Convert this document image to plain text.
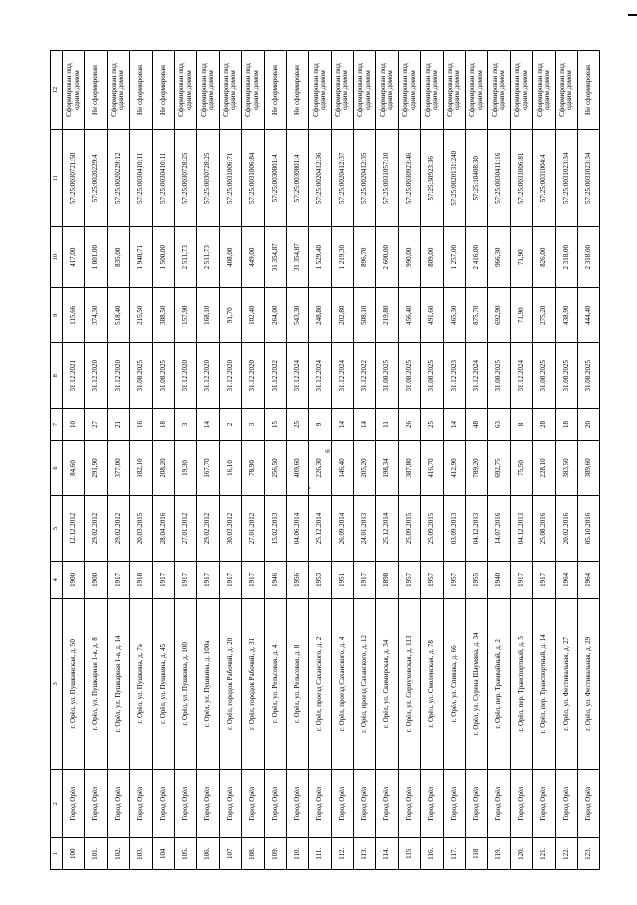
6
1	2	3	4	5	6	7	8	9	10	11	12
100	Город Орёл	г. Орёл, ул. Пушкинская, д. 50	1900	12.12.2012	84,60	10	31.12.2021	115,66	417,00	57:25:0030721:50	Сформирован под одним домом
101.	Город Орёл	г. Орёл, ул. Пушкарная 1-я, д. 8	1900	29.02.2012	291,90	27	31.12.2020	374,30	1 801,00	57:25:0020229:4	Не сформирован
102.	Город Орёл	г. Орёл, ул. Пушкарная 1-я, д. 14	1917	29.02.2012	377,00	21	31.12.2020	518,40	835,00	57:25:0020229:12	Сформирован под одним домом
103.	Город Орёл	г. Орёл, ул. Пушкина, д. 7а	1918	20.03.2015	182,10	16	31.08.2025	215,50	1 948,71	57:25:0030410:11	Не сформирован
104	Город Орёл	г. Орёл, ул. Пушкина, д. 45	1917	28.04.2016	208,20	18	31.08.2025	388,50	1 500,00	57:25:0030410:11	Не сформирован
105.	Город Орёл	г. Орёл, ул. Пушкина, д. 100	1917	27.01.2012	19,30	3	31.12.2020	157,90	2 511,73	57:25:0030728:25	Сформирован под одним домом
106.	Город Орёл	г. Орёл, ул. Пушкина, д. 100а	1917	29.02.2012	167,70	14	31.12.2020	168,10	2 511,73	57:25:0030728:25	Сформирован под одним домом
107	Город Орёл	г. Орёл, городок Рабочий, д. 20	1917	30.03.2012	16,10	2	31.12.2020	91,70	408,00	57:25:0031006:71	Сформирован под одним домом
108.	Город Орёл	г. Орёл, городок Рабочий, д. 31	1917	27.01.2012	78,90	3	31.12.2020	102,40	449,00	57:25:0031006:84	Сформирован под одним домом
109.	Город Орёл	г. Орёл, ул. Рельсовая, д. 4	1946	15.02.2013	256,50	15	31.12.2022	264,00	31 354,87	57:25:0030801:4	Не сформирован
110.	Город Орёл	г. Орёл, ул. Рельсовая, д. 8	1956	04.06.2014	409,60	25	31.12.2024	543,30	31 354,87	57:25:0030801:4	Не сформирован
111.	Город Орёл	г. Орёл, проезд Саханского, д. 2	1953	25.12.2014	226,30	9	31.12.2024	248,80	1 529,40	57:25:0020412:36	Сформирован под одним домом
112.	Город Орёл	г. Орёл, проезд Саханского, д. 4	1951	26.09.2014	146,40	14	31.12.2024	202,80	1 219,30	57:25:0020412:37	Сформирован под одним домом
113.	Город Орёл	г. Орёл, проезд Саханского, д. 12	1917	24.01.2013	205,20	14	31.12.2022	508,10	896,70	57:25:0020412:35	Сформирован под одним домом
114.	Город Орёл	г. Орёл, ул. Скимирская, д. 34	1898	25.12.2014	198,34	11	31.08.2025	219,80	2 600,00	57:25:0031057:10	Сформирован под одним домом
115	Город Орёл	г. Орёл, ул. Серпуховская, д. 113	1957	25.09.2015	387,80	26	31.08.2025	456,40	990,00	57:25:0030923:46	Сформирован под одним домом
116.	Город Орёл	г. Орёл, ул. Смоленская, д. 78	1957	25.09.2015	416,70	25	31.08.2025	491,60	809,00	57:25:30923:36	Сформирован под одним домом
117.	Город Орёл	г. Орёл, ул. Спивака, д. 66	1957	03.09.2013	412,90	14	31.12.2023	465,30	1 257,00	57:25:0020131:240	Сформирован под одним домом
118	Город Орёл	г. Орёл, ул. Сурена Шаумяна, д. 34	1955	04.12.2013	789,20	48	31.12.2024	875,70	2 416,00	57:25:10408:30	Сформирован под одним домом
119.	Город Орёл	г. Орёл, пер. Трамвайный, д. 2	1940	14.07.2016	692,75	63	31.08.2025	692,90	966,30	57:25:0030411:16	Сформирован под одним домом
120.	Город Орёл	г. Орёл, пер. Транспортный, д. 5	1917	04.12.2013	75,50	8	31.12.2024	71,90	71,90	57:25:0031006:81	Сформирован под одним домом
121.	Город Орёл	г. Орёл, пер. Транспортный, д. 14	1917	25.08.2016	228,10	28	31.08.2025	275,20	826,00	57:25:0031004:4	Сформирован под одним домом
122.	Город Орёл	г. Орёл, ул. Фестивальная, д. 27	1964	20.02.2016	383,50	18	31.08.2025	438,90	2 318,00	57:25:0031023:34	Сформирован под одним домом
123.	Город Орёл	г. Орёл, ул. Фестивальная, д. 29	1964	05.10.2016	389,60	20	31.08.2025	444,40	2 318,00	57:25:0031023:34	Не сформирован
